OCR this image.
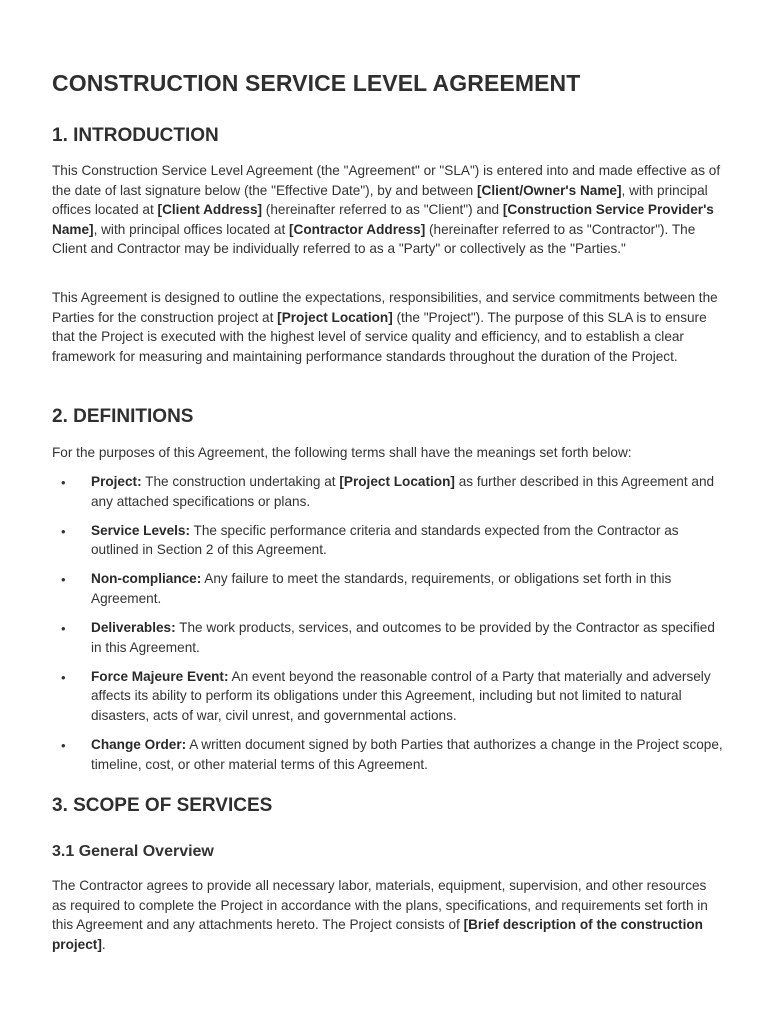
CONSTRUCTION SERVICE LEVEL AGREEMENT
1. INTRODUCTION

This Construction Service Level Agreement (the "Agreement" or "SLA") is entered into and made effective as of the date of last signature below (the "Effective Date"), by and between [Client/Owner's Name], with principal offices located at [Client Address] (hereinafter referred to as "Client") and [Construction Service Provider's Name], with principal offices located at [Contractor Address] (hereinafter referred to as "Contractor"). The Client and Contractor may be individually referred to as a "Party" or collectively as the "Parties."

This Agreement is designed to outline the expectations, responsibilities, and service commitments between the Parties for the construction project at [Project Location] (the "Project"). The purpose of this SLA is to ensure that the Project is executed with the highest level of service quality and efficiency, and to establish a clear framework for measuring and maintaining performance standards throughout the duration of the Project.

2. DEFINITIONS

For the purposes of this Agreement, the following terms shall have the meanings set forth below:

• Project: The construction undertaking at [Project Location] as further described in this Agreement and any attached specifications or plans.
• Service Levels: The specific performance criteria and standards expected from the Contractor as outlined in Section 2 of this Agreement.
• Non-compliance: Any failure to meet the standards, requirements, or obligations set forth in this Agreement.
• Deliverables: The work products, services, and outcomes to be provided by the Contractor as specified in this Agreement.
• Force Majeure Event: An event beyond the reasonable control of a Party that materially and adversely affects its ability to perform its obligations under this Agreement, including but not limited to natural disasters, acts of war, civil unrest, and governmental actions.
• Change Order: A written document signed by both Parties that authorizes a change in the Project scope, timeline, cost, or other material terms of this Agreement.
3. SCOPE OF SERVICES
3.1 General Overview

The Contractor agrees to provide all necessary labor, materials, equipment, supervision, and other resources as required to complete the Project in accordance with the plans, specifications, and requirements set forth in this Agreement and any attachments hereto. The Project consists of [Brief description of the construction project].
